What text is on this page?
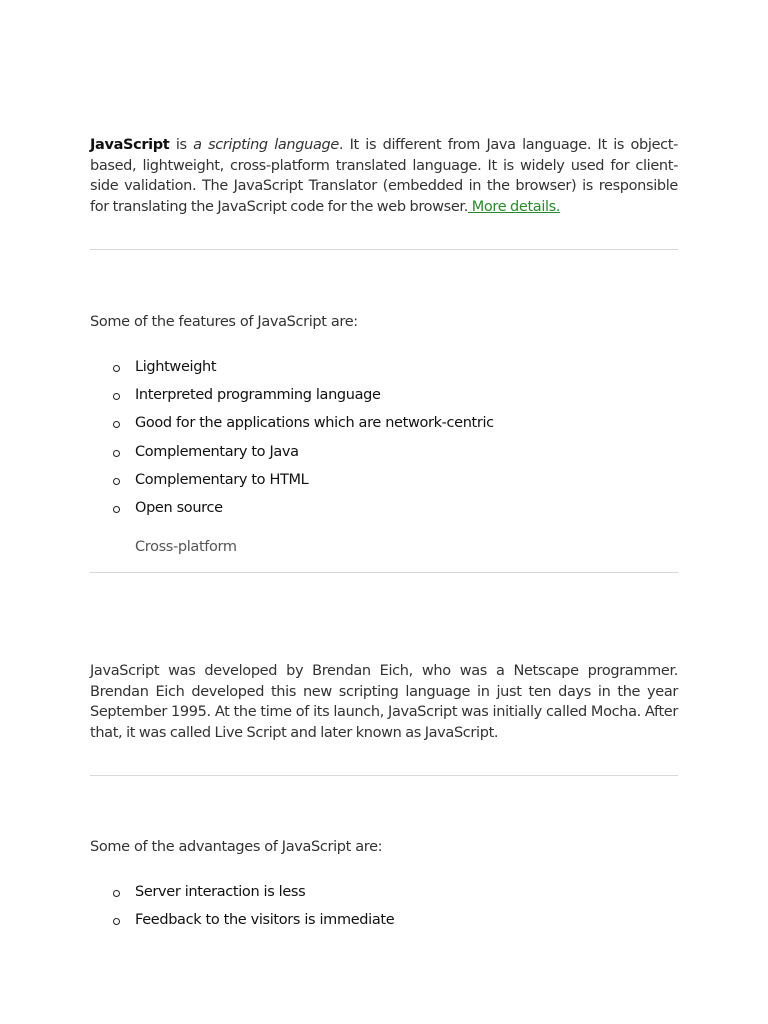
JavaScript is a scripting language. It is different from Java language. It is object-based, lightweight, cross-platform translated language. It is widely used for client-side validation. The JavaScript Translator (embedded in the browser) is responsible for translating the JavaScript code for the web browser. More details.

Some of the features of JavaScript are:

Lightweight
Interpreted programming language
Good for the applications which are network-centric
Complementary to Java
Complementary to HTML
Open source
Cross-platform

JavaScript was developed by Brendan Eich, who was a Netscape programmer. Brendan Eich developed this new scripting language in just ten days in the year September 1995. At the time of its launch, JavaScript was initially called Mocha. After that, it was called Live Script and later known as JavaScript.

Some of the advantages of JavaScript are:

Server interaction is less
Feedback to the visitors is immediate
